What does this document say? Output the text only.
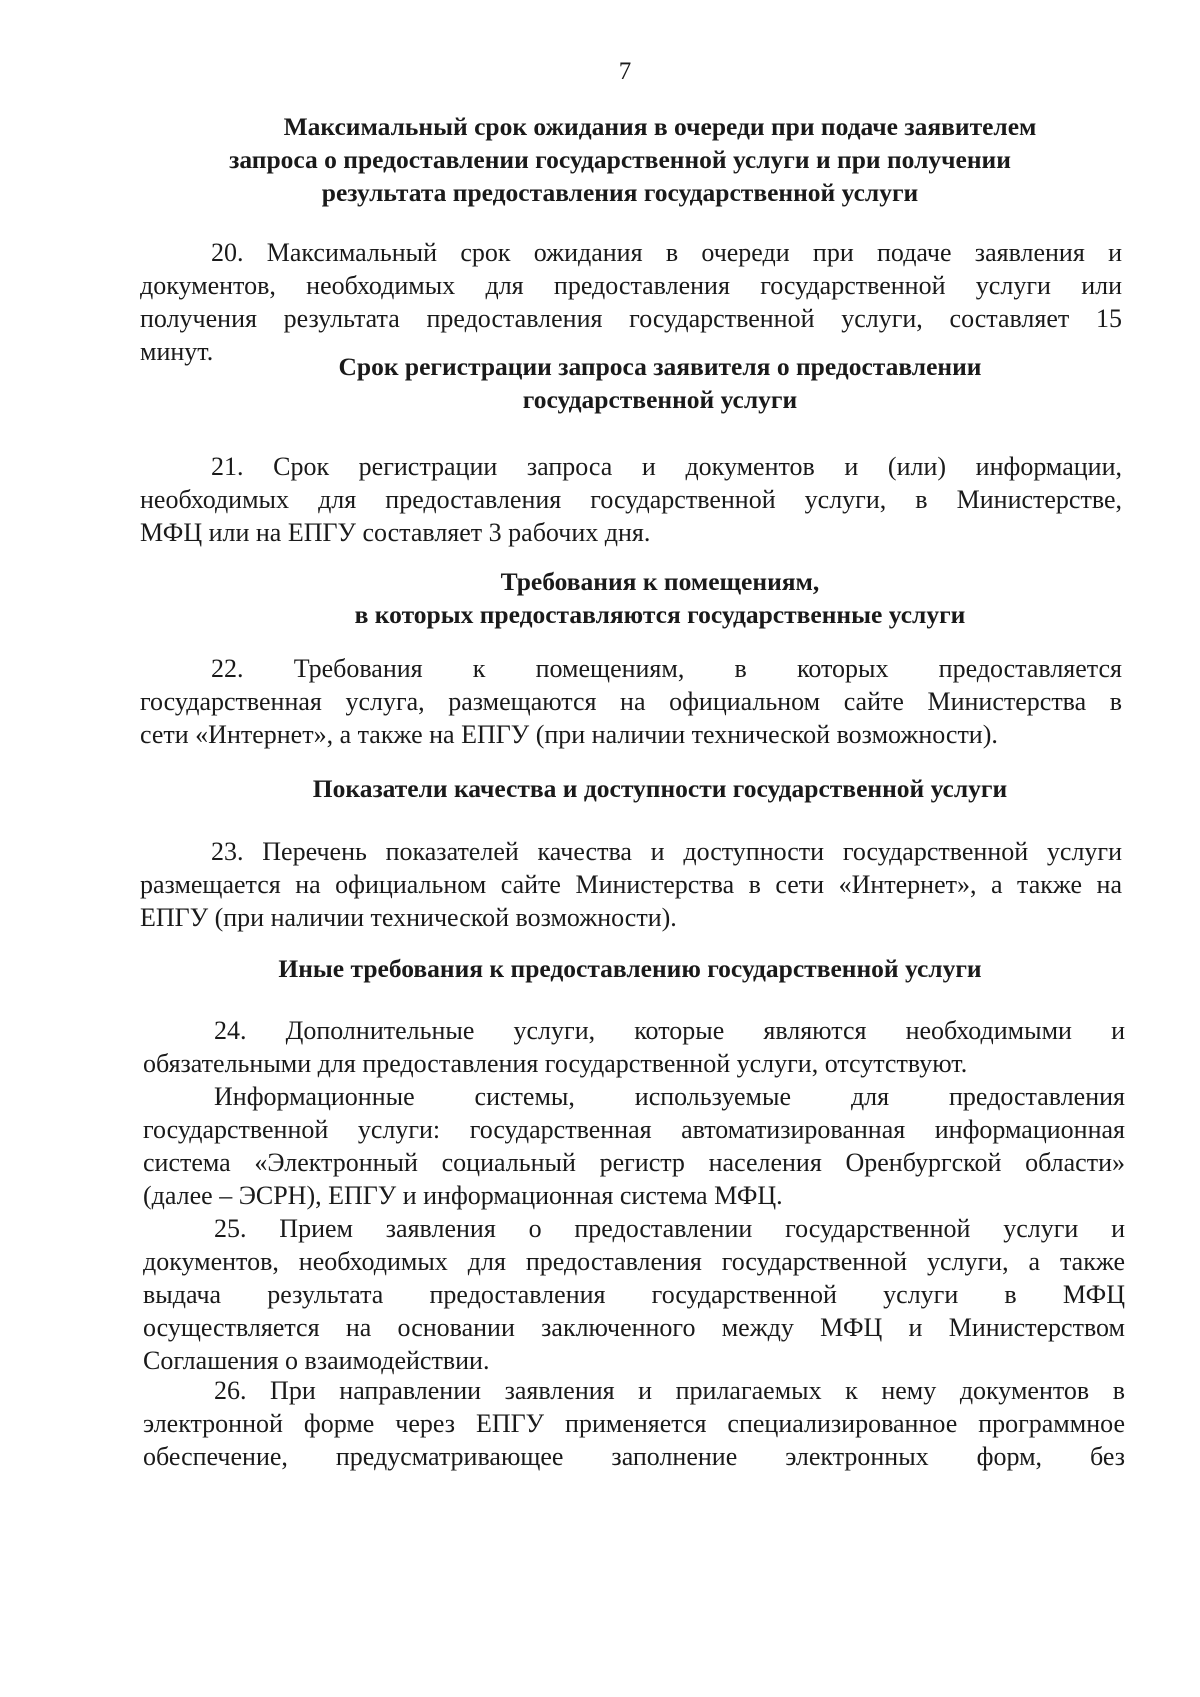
7
Максимальный срок ожидания в очереди при подаче заявителем
запроса о предоставлении государственной услуги и при получении
результата предоставления государственной услуги
20. Максимальный срок ожидания в очереди при подаче заявления и
документов, необходимых для предоставления государственной услуги или
получения результата предоставления государственной услуги, составляет 15
минут.
Срок регистрации запроса заявителя о предоставлении
государственной услуги
21. Срок регистрации запроса и документов и (или) информации,
необходимых для предоставления государственной услуги, в Министерстве,
МФЦ или на ЕПГУ составляет 3 рабочих дня.
Требования к помещениям,
в которых предоставляются государственные услуги
22. Требования к помещениям, в которых предоставляется
государственная услуга, размещаются на официальном сайте Министерства в
сети «Интернет», а также на ЕПГУ (при наличии технической возможности).
Показатели качества и доступности государственной услуги
23. Перечень показателей качества и доступности государственной услуги
размещается на официальном сайте Министерства в сети «Интернет», а также на
ЕПГУ (при наличии технической возможности).
Иные требования к предоставлению государственной услуги
24. Дополнительные услуги, которые являются необходимыми и
обязательными для предоставления государственной услуги, отсутствуют.
Информационные системы, используемые для предоставления
государственной услуги: государственная автоматизированная информационная
система «Электронный социальный регистр населения Оренбургской области»
(далее – ЭСРН), ЕПГУ и информационная система МФЦ.
25. Прием заявления о предоставлении государственной услуги и
документов, необходимых для предоставления государственной услуги, а также
выдача результата предоставления государственной услуги в МФЦ
осуществляется на основании заключенного между МФЦ и Министерством
Соглашения о взаимодействии.
26. При направлении заявления и прилагаемых к нему документов в
электронной форме через ЕПГУ применяется специализированное программное
обеспечение, предусматривающее заполнение электронных форм, без
